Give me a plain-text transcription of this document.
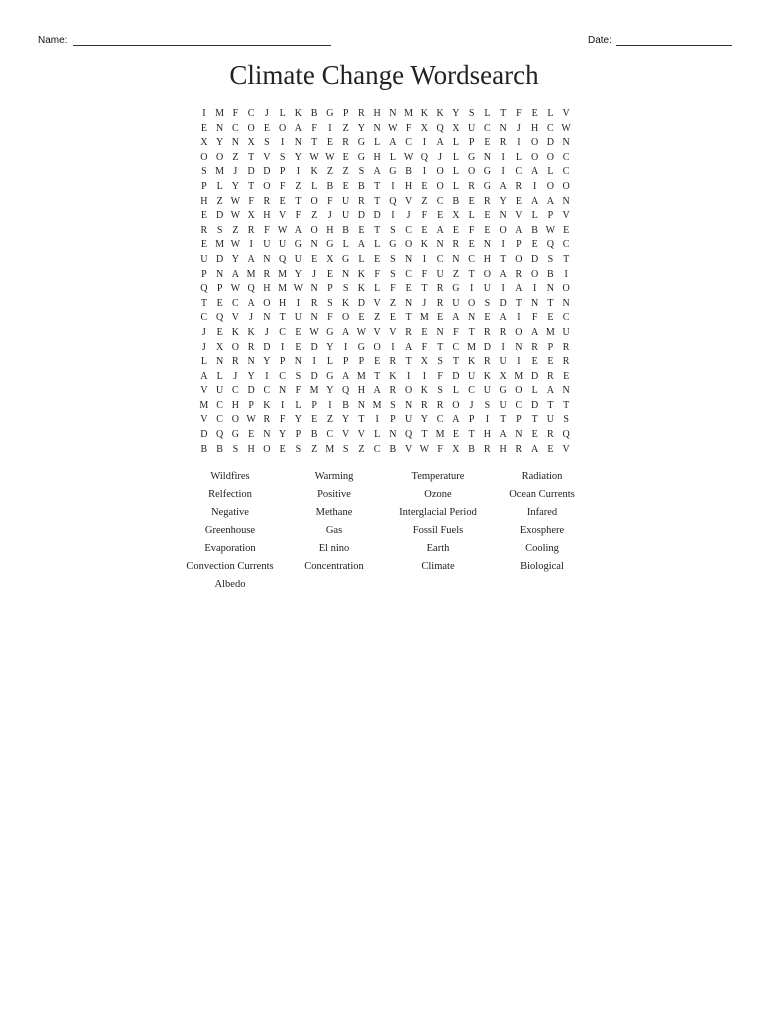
Name:	Date:
Climate Change Wordsearch
I M F C	J	L K B G P R H N M K K Y S L T F E L V
E N C O E O A F	I	Z Y N W F X Q X U C N	J	H C W
X Y N X S	I	N T E R G L A C	I	A L P E R	I	O D N
O O Z T V S Y W W E G H L W Q	J	L G N	I	L O O C
S M J	D D P	I	K Z Z S A G B	I	O L O G	I	C A L C
P L Y T O F Z L B E B T	I	H E O L R G A R	I	O O
H Z W F R E T O F U R T Q V Z C B E R Y E A A N
E D W X H V F Z	J	U D D	I	J	F E X L E N V L P V
R S Z R F W A O H B E T S C E A E F E O A B W E
E M W I	U U G N G L A L G O K N R E N	I	P E Q C
U D Y A N Q U E X G L E S N	I	C N C H T O D S T
P N A M R M Y	J	E N K F	S C F U Z T O A R O B	I
Q P W Q H M W N P	S K L F E T R G	I	U	I	A	I	N O
T E C A O H	I	R S K D V Z N	J	R U O S D T N T N
C Q V	J	N T U N F O E Z E T M E A N E A	I	F E C
J	E K K	J	C E W G A W V V R E N F T R R O A M U
J	X O R D	I	E D Y	I	G O	I	A F T C M D	I	N R P R
L N R N Y P N	I	L P	P E R T X S T K R U	I	E E R
A L	J	Y	I	C S D G A M T K	I	I	F D U K X M D R E
V U C D C N F M Y Q H A R O K S L C U G O L A N
M C H P K	I	L P	I	B N M S N R R O	J	S U C D T T
V C O W R F Y E Z Y T	I	P U Y C A P	I	T P T U S
D Q G E N Y P B C V V L N Q T M E T H A N E R Q
B B S H O E S Z M S Z C B V W F X B R H R A E V
Wildfires	Warming	Temperature	Radiation
Relfection	Positive	Ozone	Ocean Currents
Negative	Methane	Interglacial Period	Infared
Greenhouse	Gas	Fossil Fuels	Exosphere
Evaporation	El nino	Earth	Cooling
Convection Currents	Concentration	Climate	Biological
Albedo
